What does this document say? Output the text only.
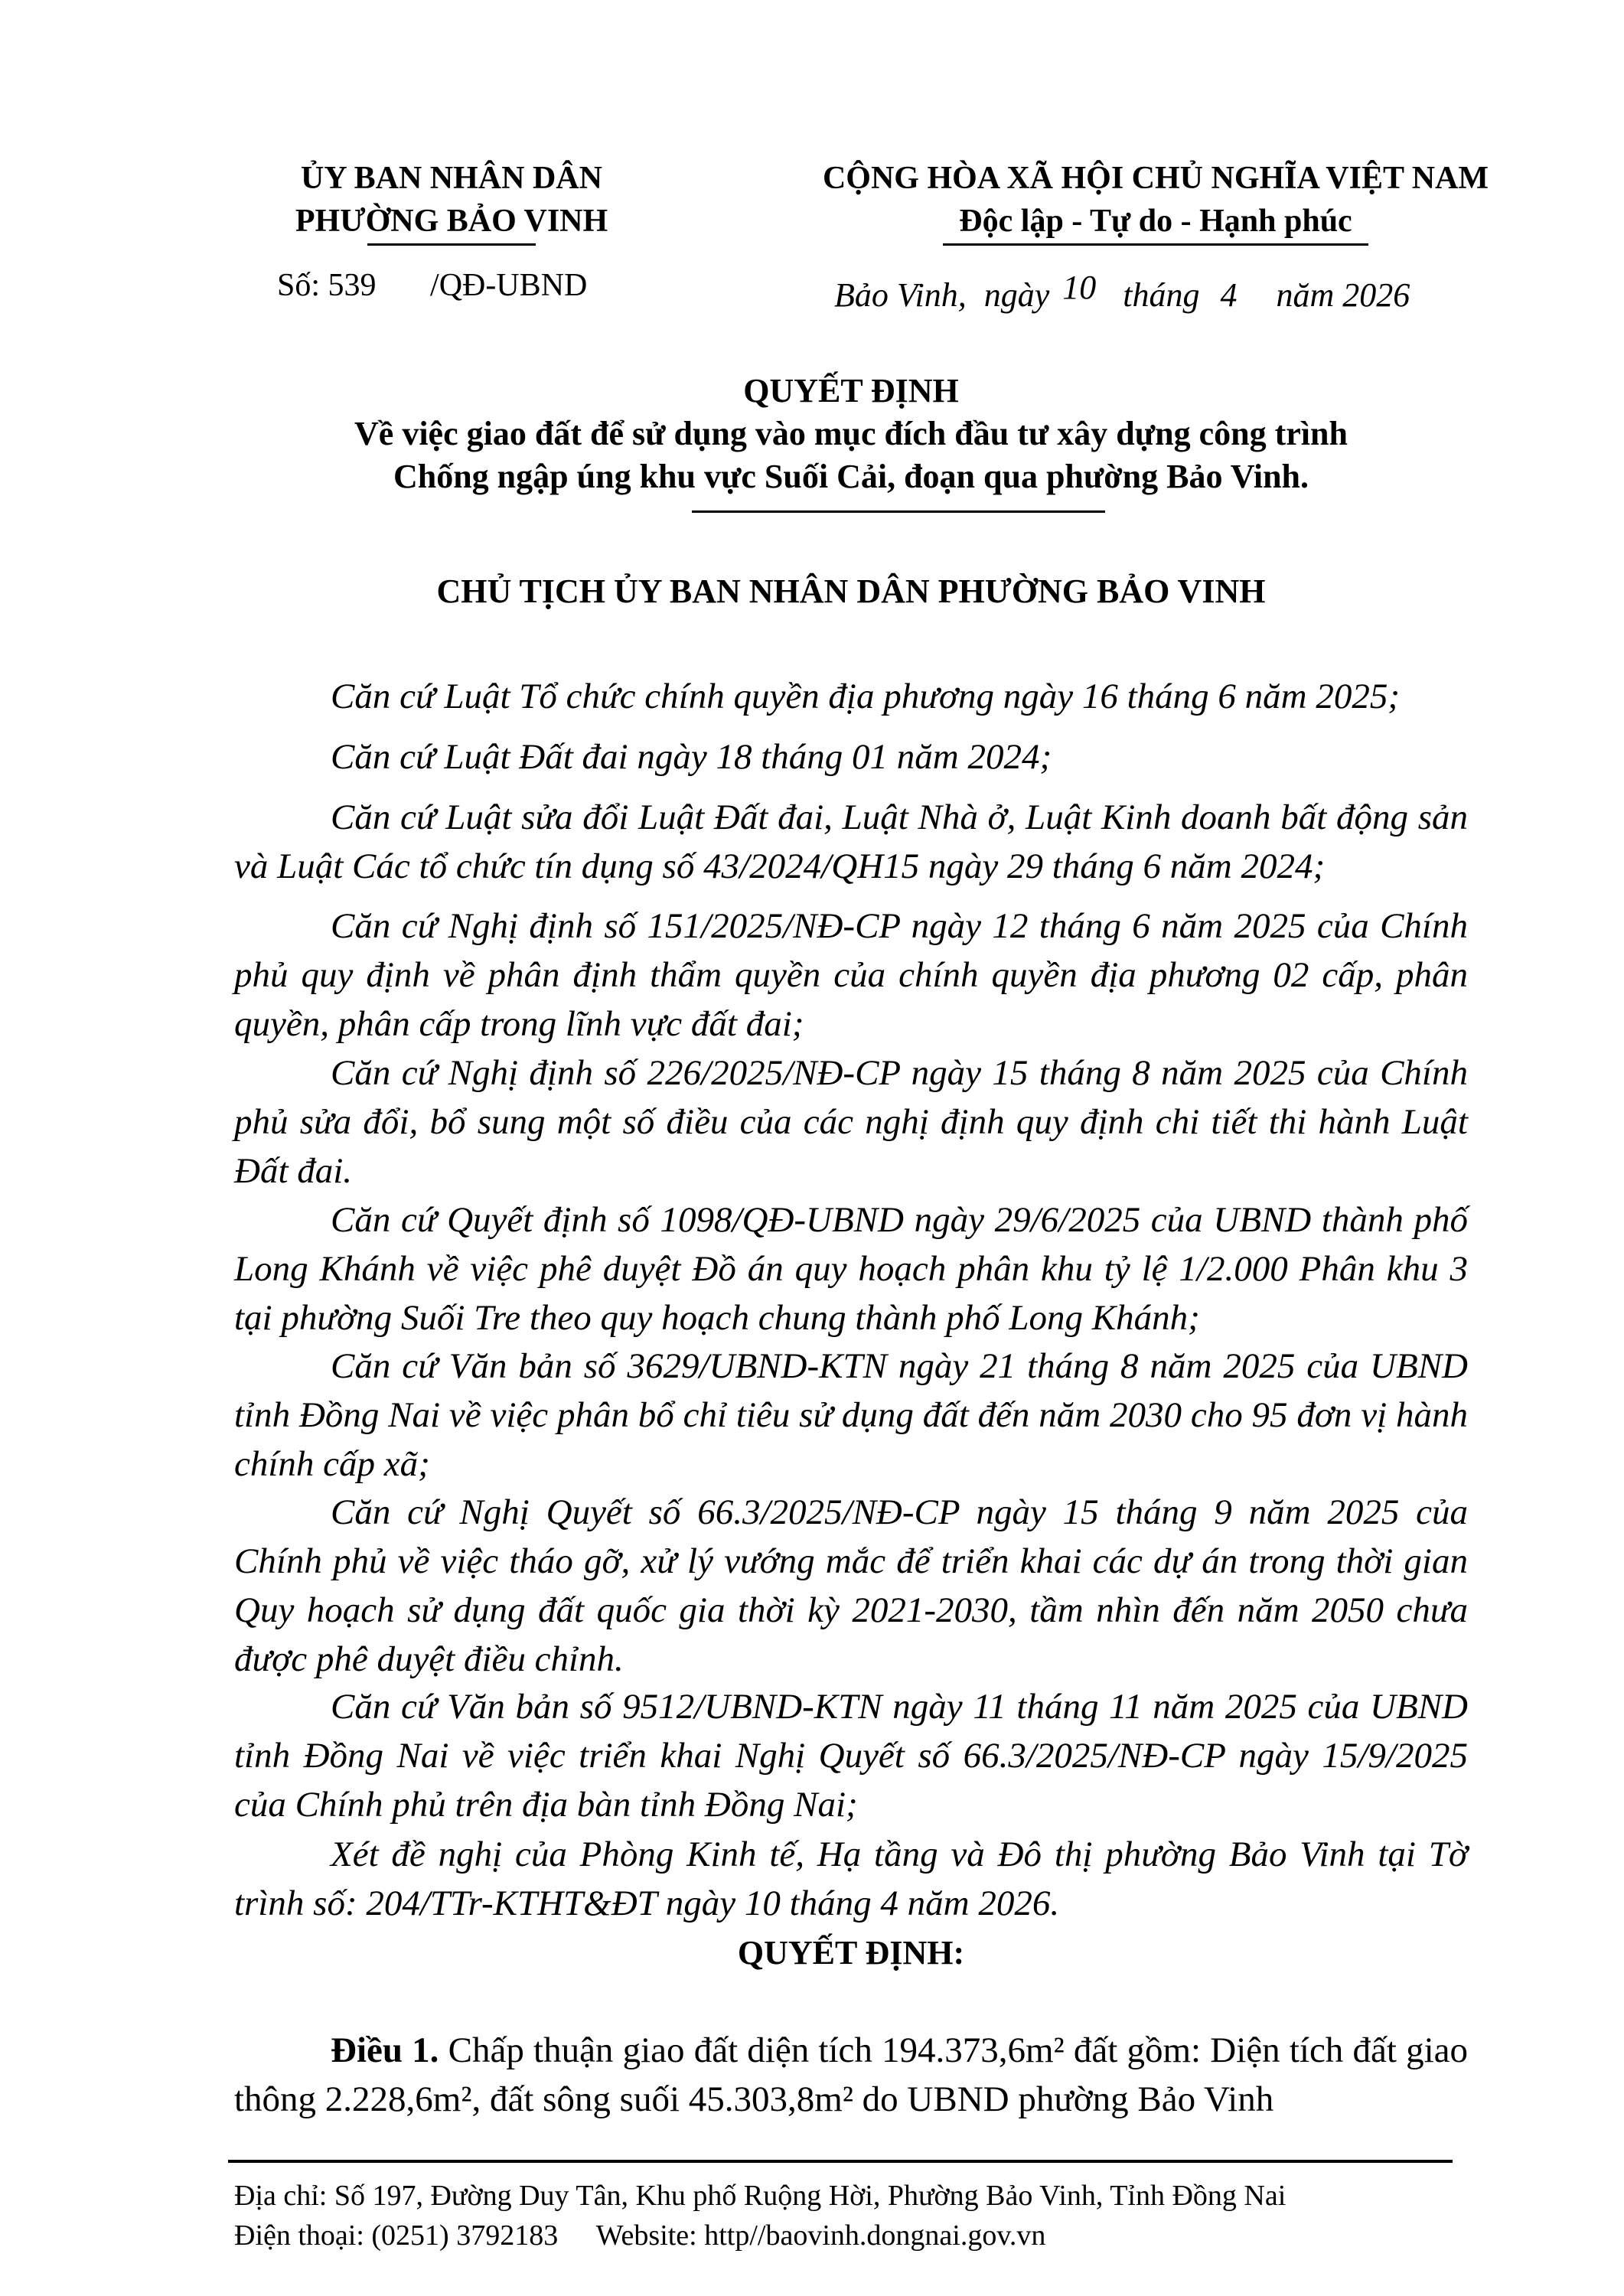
ỦY BAN NHÂN DÂN
PHƯỜNG BẢO VINH
Số: 539 /QĐ-UBND
CỘNG HÒA XÃ HỘI CHỦ NGHĨA VIỆT NAM
Độc lập - Tự do - Hạnh phúc
Bảo Vinh, ngày 10 tháng 4 năm 2026
QUYẾT ĐỊNH
Về việc giao đất để sử dụng vào mục đích đầu tư xây dựng công trình
Chống ngập úng khu vực Suối Cải, đoạn qua phường Bảo Vinh.
CHỦ TỊCH ỦY BAN NHÂN DÂN PHƯỜNG BẢO VINH

Căn cứ Luật Tổ chức chính quyền địa phương ngày 16 tháng 6 năm 2025;

Căn cứ Luật Đất đai ngày 18 tháng 01 năm 2024;

Căn cứ Luật sửa đổi Luật Đất đai, Luật Nhà ở, Luật Kinh doanh bất động sản và Luật Các tổ chức tín dụng số 43/2024/QH15 ngày 29 tháng 6 năm 2024;

Căn cứ Nghị định số 151/2025/NĐ-CP ngày 12 tháng 6 năm 2025 của Chính phủ quy định về phân định thẩm quyền của chính quyền địa phương 02 cấp, phân quyền, phân cấp trong lĩnh vực đất đai;

Căn cứ Nghị định số 226/2025/NĐ-CP ngày 15 tháng 8 năm 2025 của Chính phủ sửa đổi, bổ sung một số điều của các nghị định quy định chi tiết thi hành Luật Đất đai.

Căn cứ Quyết định số 1098/QĐ-UBND ngày 29/6/2025 của UBND thành phố Long Khánh về việc phê duyệt Đồ án quy hoạch phân khu tỷ lệ 1/2.000 Phân khu 3 tại phường Suối Tre theo quy hoạch chung thành phố Long Khánh;

Căn cứ Văn bản số 3629/UBND-KTN ngày 21 tháng 8 năm 2025 của UBND tỉnh Đồng Nai về việc phân bổ chỉ tiêu sử dụng đất đến năm 2030 cho 95 đơn vị hành chính cấp xã;

Căn cứ Nghị Quyết số 66.3/2025/NĐ-CP ngày 15 tháng 9 năm 2025 của Chính phủ về việc tháo gỡ, xử lý vướng mắc để triển khai các dự án trong thời gian Quy hoạch sử dụng đất quốc gia thời kỳ 2021-2030, tầm nhìn đến năm 2050 chưa được phê duyệt điều chỉnh.

Căn cứ Văn bản số 9512/UBND-KTN ngày 11 tháng 11 năm 2025 của UBND tỉnh Đồng Nai về việc triển khai Nghị Quyết số 66.3/2025/NĐ-CP ngày 15/9/2025 của Chính phủ trên địa bàn tỉnh Đồng Nai;

Xét đề nghị của Phòng Kinh tế, Hạ tầng và Đô thị phường Bảo Vinh tại Tờ trình số: 204/TTr-KTHT&ĐT ngày 10 tháng 4 năm 2026.

QUYẾT ĐỊNH:

Điều 1. Chấp thuận giao đất diện tích 194.373,6m² đất gồm: Diện tích đất giao thông 2.228,6m², đất sông suối 45.303,8m² do UBND phường Bảo Vinh

Địa chỉ: Số 197, Đường Duy Tân, Khu phố Ruộng Hời, Phường Bảo Vinh, Tỉnh Đồng Nai
Điện thoại: (0251) 3792183 Website: http//baovinh.dongnai.gov.vn
